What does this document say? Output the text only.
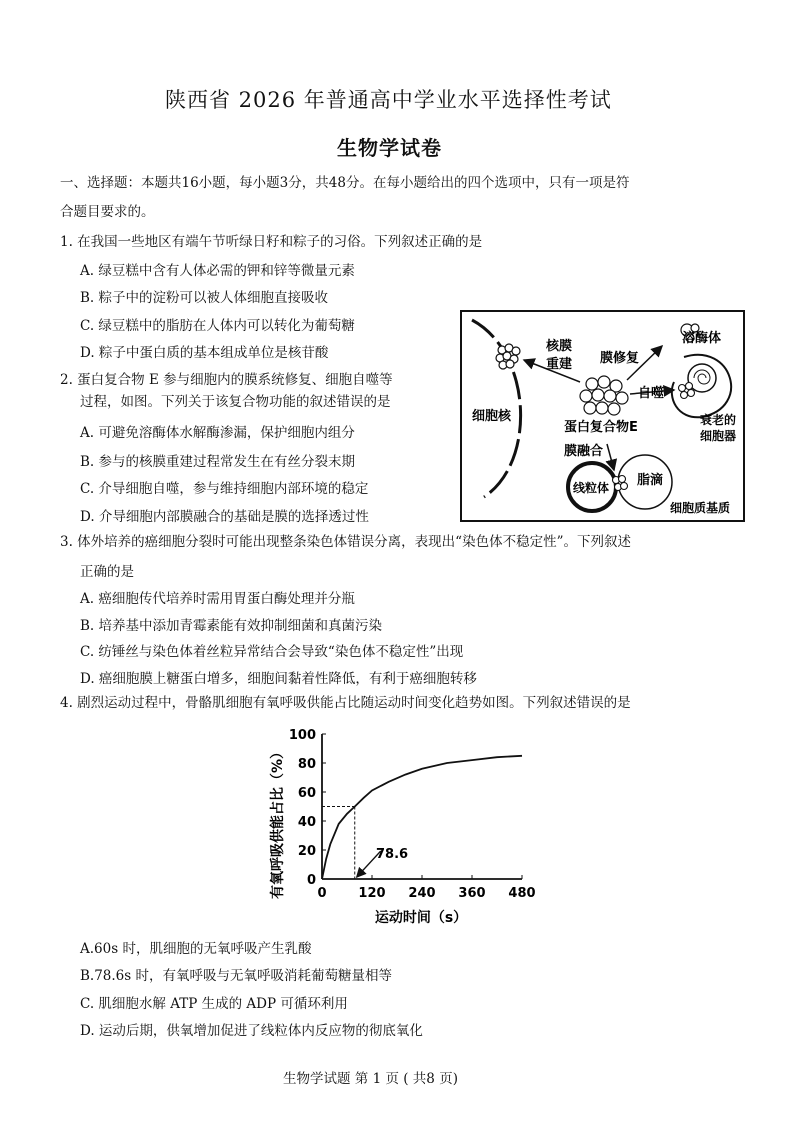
陕西省 2026 年普通高中学业水平选择性考试
生物学试卷
一、选择题：本题共16小题，每小题3分，共48分。在每小题给出的四个选项中，只有一项是符
合题目要求的。
1. 在我国一些地区有端午节听绿日籽和粽子的习俗。下列叙述正确的是
A. 绿豆糕中含有人体必需的钾和锌等微量元素
B. 粽子中的淀粉可以被人体细胞直接吸收
C. 绿豆糕中的脂肪在人体内可以转化为葡萄糖
D. 粽子中蛋白质的基本组成单位是核苷酸
2. 蛋白复合物 E 参与细胞内的膜系统修复、细胞自噬等
过程，如图。下列关于该复合物功能的叙述错误的是
A. 可避免溶酶体水解酶渗漏，保护细胞内组分
B. 参与的核膜重建过程常发生在有丝分裂末期
C. 介导细胞自噬，参与维持细胞内部环境的稳定
D. 介导细胞内部膜融合的基础是膜的选择透过性
细胞核
核膜
重建 膜修复
溶酶体
自噬
衰老的
细胞器
蛋白复合物E
膜融合
线粒体 脂滴
细胞质基质
3. 体外培养的癌细胞分裂时可能出现整条染色体错误分离，表现出“染色体不稳定性”。下列叙述
正确的是
A. 癌细胞传代培养时需用胃蛋白酶处理并分瓶
B. 培养基中添加青霉素能有效抑制细菌和真菌污染
C. 纺锤丝与染色体着丝粒异常结合会导致“染色体不稳定性”出现
D. 癌细胞膜上糖蛋白增多，细胞间黏着性降低，有利于癌细胞转移
4. 剧烈运动过程中，骨骼肌细胞有氧呼吸供能占比随运动时间变化趋势如图。下列叙述错误的是
有氧呼吸供能占比（%）
运动时间（s）
0 120 240 360 480
0
20
40
60
80
100
78.6
A.60s 时，肌细胞的无氧呼吸产生乳酸
B.78.6s 时，有氧呼吸与无氧呼吸消耗葡萄糖量相等
C. 肌细胞水解 ATP 生成的 ADP 可循环利用
D. 运动后期，供氧增加促进了线粒体内反应物的彻底氧化
生物学试题 第 1 页 ( 共8 页)
